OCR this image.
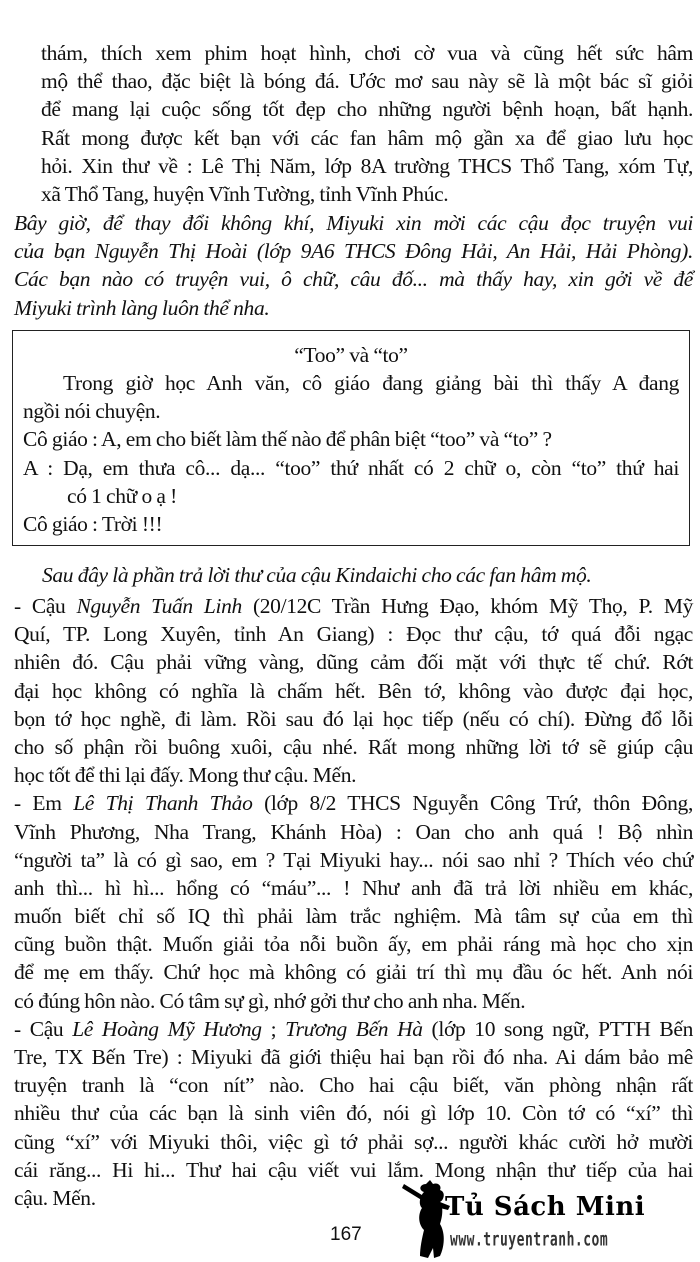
thám, thích xem phim hoạt hình, chơi cờ vua và cũng hết sức hâm
mộ thể thao, đặc biệt là bóng đá. Ước mơ sau này sẽ là một bác sĩ giỏi
để mang lại cuộc sống tốt đẹp cho những người bệnh hoạn, bất hạnh.
Rất mong được kết bạn với các fan hâm mộ gần xa để giao lưu học
hỏi. Xin thư về : Lê Thị Năm, lớp 8A trường THCS Thổ Tang, xóm Tự,
xã Thổ Tang, huyện Vĩnh Tường, tỉnh Vĩnh Phúc.
Bây giờ, để thay đổi không khí, Miyuki xin mời các cậu đọc truyện vui
của bạn Nguyễn Thị Hoài (lớp 9A6 THCS Đông Hải, An Hải, Hải Phòng).
Các bạn nào có truyện vui, ô chữ, câu đố... mà thấy hay, xin gởi về để
Miyuki trình làng luôn thể nha.
“Too” và “to”
Trong giờ học Anh văn, cô giáo đang giảng bài thì thấy A đang
ngồi nói chuyện.
Cô giáo : A, em cho biết làm thế nào để phân biệt “too” và “to” ?
A : Dạ, em thưa cô... dạ... “too” thứ nhất có 2 chữ o, còn “to” thứ hai
có 1 chữ o ạ !
Cô giáo : Trời !!!
Sau đây là phần trả lời thư của cậu Kindaichi cho các fan hâm mộ.
- Cậu Nguyễn Tuấn Linh (20/12C Trần Hưng Đạo, khóm Mỹ Thọ, P. Mỹ
Quí, TP. Long Xuyên, tỉnh An Giang) : Đọc thư cậu, tớ quá đỗi ngạc
nhiên đó. Cậu phải vững vàng, dũng cảm đối mặt với thực tế chứ. Rớt
đại học không có nghĩa là chấm hết. Bên tớ, không vào được đại học,
bọn tớ học nghề, đi làm. Rồi sau đó lại học tiếp (nếu có chí). Đừng đổ lỗi
cho số phận rồi buông xuôi, cậu nhé. Rất mong những lời tớ sẽ giúp cậu
học tốt để thi lại đấy. Mong thư cậu. Mến.
- Em Lê Thị Thanh Thảo (lớp 8/2 THCS Nguyễn Công Trứ, thôn Đông,
Vĩnh Phương, Nha Trang, Khánh Hòa) : Oan cho anh quá ! Bộ nhìn
“người ta” là có gì sao, em ? Tại Miyuki hay... nói sao nhỉ ? Thích véo chứ
anh thì... hì hì... hổng có “máu”... ! Như anh đã trả lời nhiều em khác,
muốn biết chỉ số IQ thì phải làm trắc nghiệm. Mà tâm sự của em thì
cũng buồn thật. Muốn giải tỏa nỗi buồn ấy, em phải ráng mà học cho xịn
để mẹ em thấy. Chứ học mà không có giải trí thì mụ đầu óc hết. Anh nói
có đúng hôn nào. Có tâm sự gì, nhớ gởi thư cho anh nha. Mến.
- Cậu Lê Hoàng Mỹ Hương ; Trương Bến Hà (lớp 10 song ngữ, PTTH Bến
Tre, TX Bến Tre) : Miyuki đã giới thiệu hai bạn rồi đó nha. Ai dám bảo mê
truyện tranh là “con nít” nào. Cho hai cậu biết, văn phòng nhận rất
nhiều thư của các bạn là sinh viên đó, nói gì lớp 10. Còn tớ có “xí” thì
cũng “xí” với Miyuki thôi, việc gì tớ phải sợ... người khác cười hở mười
cái răng... Hi hi... Thư hai cậu viết vui lắm. Mong nhận thư tiếp của hai
cậu. Mến.
167
Tủ Sách Mini
www.truyentranh.com
